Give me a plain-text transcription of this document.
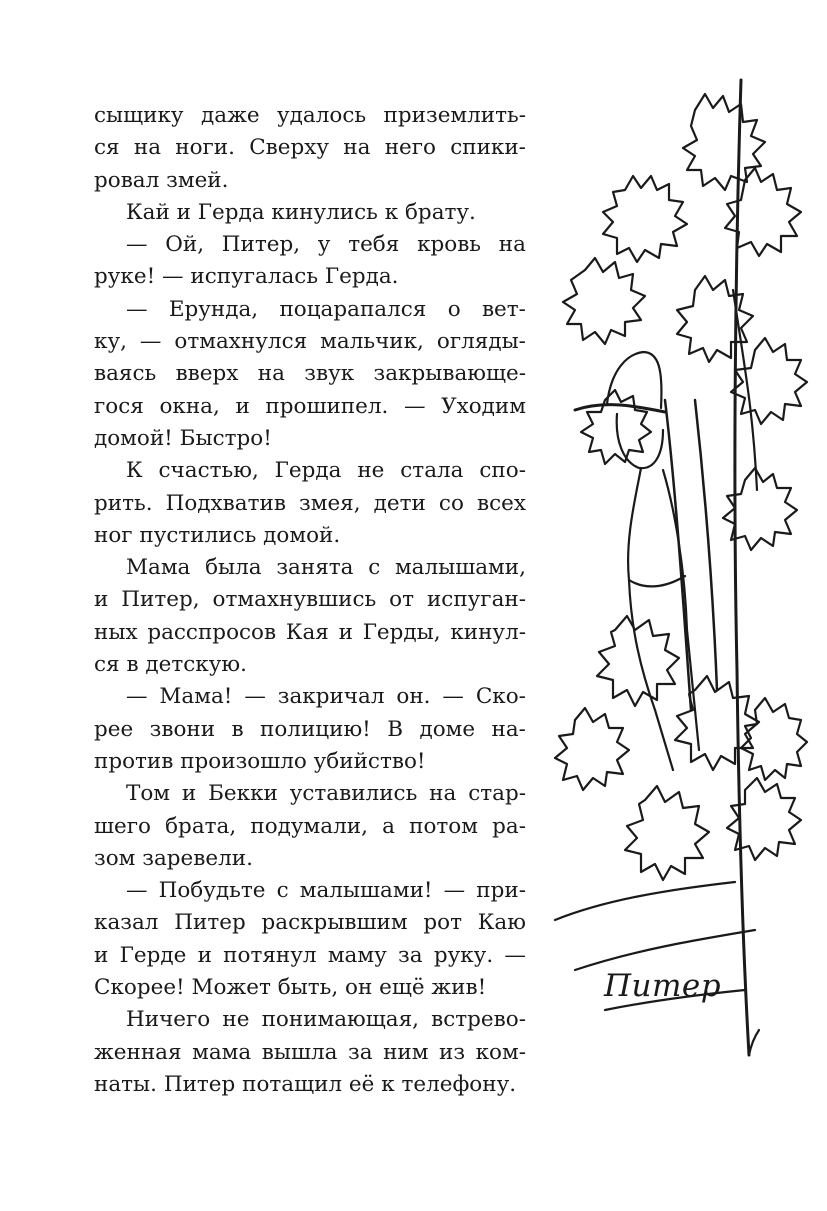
сыщику даже удалось приземлить-
ся на ноги. Сверху на него спики-
ровал змей.
Кай и Герда кинулись к брату.
— Ой, Питер, у тебя кровь на
руке! — испугалась Герда.
— Ерунда, поцарапался о вет-
ку, — отмахнулся мальчик, огляды-
ваясь вверх на звук закрывающе-
гося окна, и прошипел. — Уходим
домой! Быстро!
К счастью, Герда не стала спо-
рить. Подхватив змея, дети со всех
ног пустились домой.
Мама была занята с малышами,
и Питер, отмахнувшись от испуган-
ных расспросов Кая и Герды, кинул-
ся в детскую.
— Мама! — закричал он. — Ско-
рее звони в полицию! В доме на-
против произошло убийство!
Том и Бекки уставились на стар-
шего брата, подумали, а потом ра-
зом заревели.
— Побудьте с малышами! — при-
казал Питер раскрывшим рот Каю
и Герде и потянул маму за руку. —
Скорее! Может быть, он ещё жив!
Ничего не понимающая, встрево-
женная мама вышла за ним из ком-
наты. Питер потащил её к телефону.
Питер
